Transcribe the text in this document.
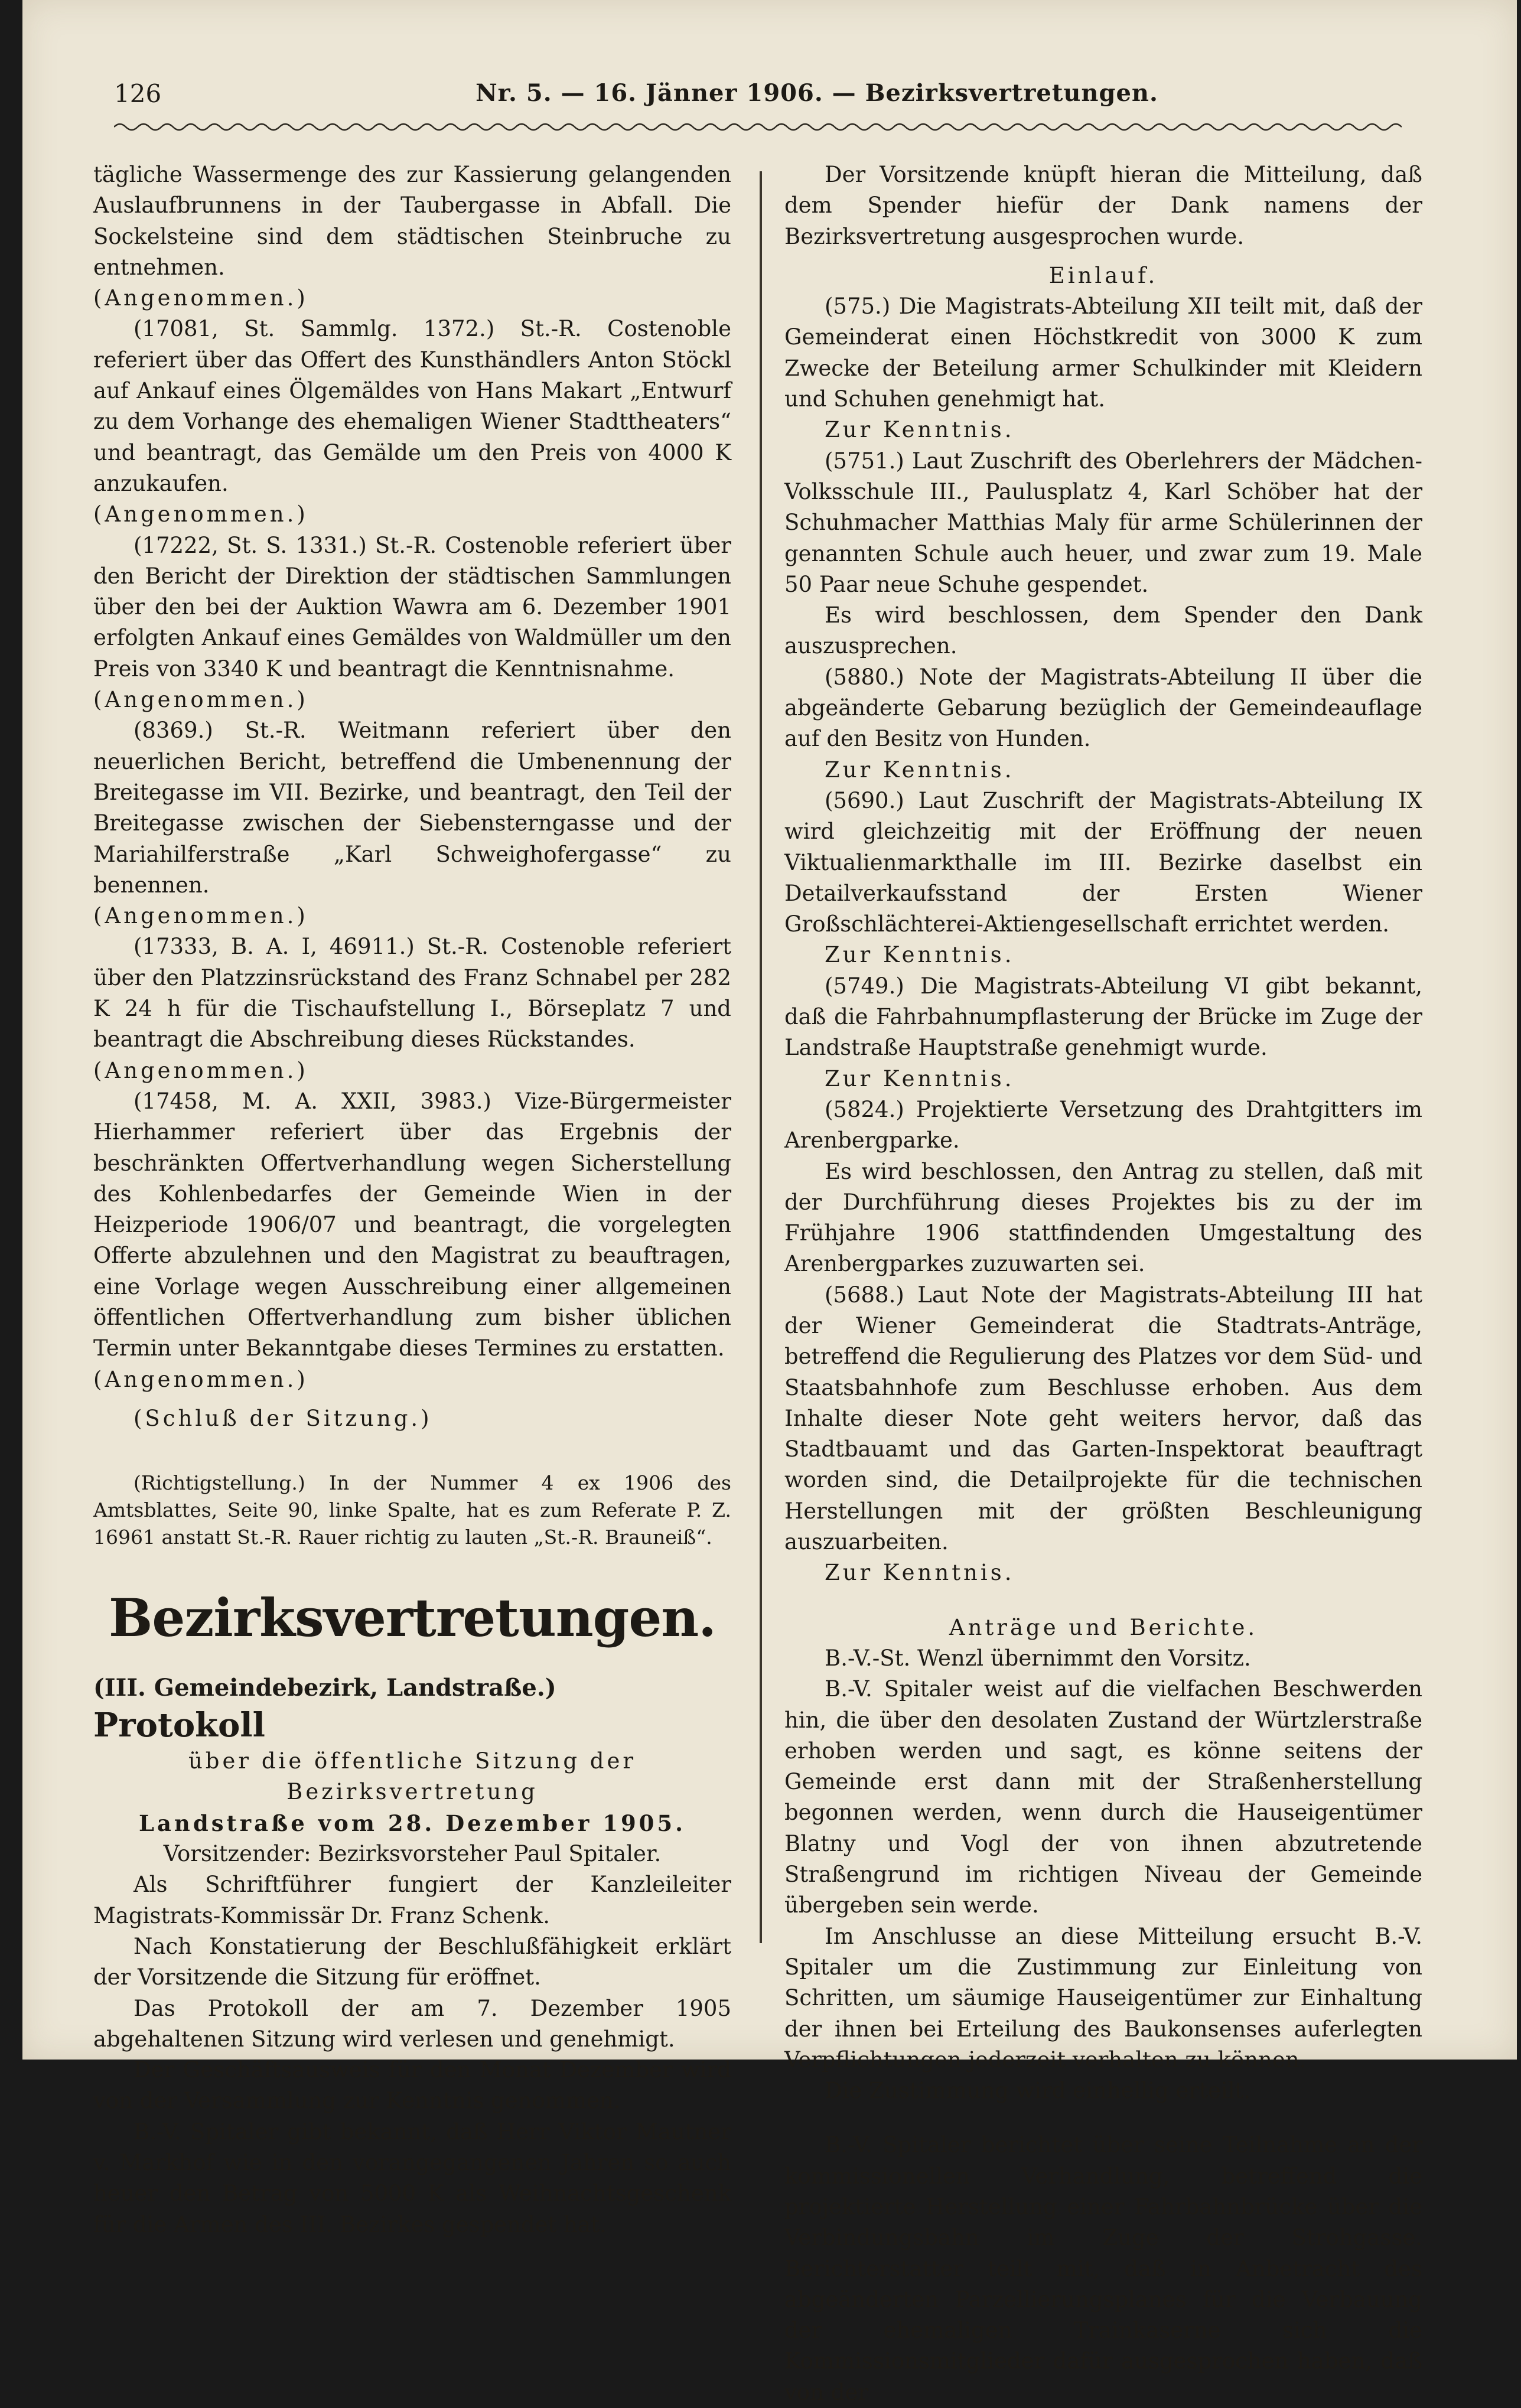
126	Nr. 5. — 16. Jänner 1906. — Bezirksvertretungen.

tägliche Wassermenge des zur Kassierung gelangenden Auslaufbrunnens in der Taubergasse in Abfall. Die Sockelsteine sind dem städtischen Steinbruche zu entnehmen.

(Angenommen.)

(17081, St. Sammlg. 1372.) St.-R. Costenoble referiert über das Offert des Kunsthändlers Anton Stöckl auf Ankauf eines Ölgemäldes von Hans Makart „Entwurf zu dem Vorhange des ehemaligen Wiener Stadttheaters“ und beantragt, das Gemälde um den Preis von 4000 K anzukaufen.

(Angenommen.)

(17222, St. S. 1331.) St.-R. Costenoble referiert über den Bericht der Direktion der städtischen Sammlungen über den bei der Auktion Wawra am 6. Dezember 1901 erfolgten Ankauf eines Gemäldes von Waldmüller um den Preis von 3340 K und beantragt die Kenntnisnahme.

(Angenommen.)

(8369.) St.-R. Weitmann referiert über den neuerlichen Bericht, betreffend die Umbenennung der Breitegasse im VII. Bezirke, und beantragt, den Teil der Breitegasse zwischen der Siebensterngasse und der Mariahilferstraße „Karl Schweighofergasse“ zu benennen.

(Angenommen.)

(17333, B. A. I, 46911.) St.-R. Costenoble referiert über den Platzzinsrückstand des Franz Schnabel per 282 K 24 h für die Tischaufstellung I., Börseplatz 7 und beantragt die Abschreibung dieses Rückstandes.

(Angenommen.)

(17458, M. A. XXII, 3983.) Vize-Bürgermeister Hierhammer referiert über das Ergebnis der beschränkten Offertverhandlung wegen Sicherstellung des Kohlenbedarfes der Gemeinde Wien in der Heizperiode 1906/07 und beantragt, die vorgelegten Offerte abzulehnen und den Magistrat zu beauftragen, eine Vorlage wegen Ausschreibung einer allgemeinen öffentlichen Offertverhandlung zum bisher üblichen Termin unter Bekanntgabe dieses Termines zu erstatten.

(Angenommen.)

(Schluß der Sitzung.)

(Richtigstellung.) In der Nummer 4 ex 1906 des Amtsblattes, Seite 90, linke Spalte, hat es zum Referate P. Z. 16961 anstatt St.-R. Rauer richtig zu lauten „St.-R. Brauneiß“.

Bezirksvertretungen.

(III. Gemeindebezirk, Landstraße.)

Protokoll

über die öffentliche Sitzung der Bezirksvertretung

Landstraße vom 28. Dezember 1905.

Vorsitzender: Bezirksvorsteher Paul Spitaler.

Als Schriftführer fungiert der Kanzleileiter Magistrats-Kommissär Dr. Franz Schenk.

Nach Konstatierung der Beschlußfähigkeit erklärt der Vorsitzende die Sitzung für eröffnet.

Das Protokoll der am 7. Dezember 1905 abgehaltenen Sitzung wird verlesen und genehmigt.

Der Geschäftsausweis für den Monat Dezember wird von der Versammlung zur Kenntnis genommen.

B.-V. Spitaler gibt bekannt, daß Herr Viktor Mautner v. Markhof wie in den vorangegangenen Jahren so auch heuer den Betrag von 5000 K als Weihnachtsgeschenk für die Armen des III. Bezirkes gespendet hat.

Der Vorsitzende knüpft hieran die Mitteilung, daß dem Spender hiefür der Dank namens der Bezirksvertretung ausgesprochen wurde.

Einlauf.

(575.) Die Magistrats-Abteilung XII teilt mit, daß der Gemeinderat einen Höchstkredit von 3000 K zum Zwecke der Beteilung armer Schulkinder mit Kleidern und Schuhen genehmigt hat.

Zur Kenntnis.

(5751.) Laut Zuschrift des Oberlehrers der Mädchen-Volksschule III., Paulusplatz 4, Karl Schöber hat der Schuhmacher Matthias Maly für arme Schülerinnen der genannten Schule auch heuer, und zwar zum 19. Male 50 Paar neue Schuhe gespendet.

Es wird beschlossen, dem Spender den Dank auszusprechen.

(5880.) Note der Magistrats-Abteilung II über die abgeänderte Gebarung bezüglich der Gemeindeauflage auf den Besitz von Hunden.

Zur Kenntnis.

(5690.) Laut Zuschrift der Magistrats-Abteilung IX wird gleichzeitig mit der Eröffnung der neuen Viktualienmarkthalle im III. Bezirke daselbst ein Detailverkaufsstand der Ersten Wiener Großschlächterei-Aktiengesellschaft errichtet werden.

Zur Kenntnis.

(5749.) Die Magistrats-Abteilung VI gibt bekannt, daß die Fahrbahnumpflasterung der Brücke im Zuge der Landstraße Hauptstraße genehmigt wurde.

Zur Kenntnis.

(5824.) Projektierte Versetzung des Drahtgitters im Arenbergparke.

Es wird beschlossen, den Antrag zu stellen, daß mit der Durchführung dieses Projektes bis zu der im Frühjahre 1906 stattfindenden Umgestaltung des Arenbergparkes zuzuwarten sei.

(5688.) Laut Note der Magistrats-Abteilung III hat der Wiener Gemeinderat die Stadtrats-Anträge, betreffend die Regulierung des Platzes vor dem Süd- und Staatsbahnhofe zum Beschlusse erhoben. Aus dem Inhalte dieser Note geht weiters hervor, daß das Stadtbauamt und das Garten-Inspektorat beauftragt worden sind, die Detailprojekte für die technischen Herstellungen mit der größten Beschleunigung auszuarbeiten.

Zur Kenntnis.

Anträge und Berichte.

B.-V.-St. Wenzl übernimmt den Vorsitz.

B.-V. Spitaler weist auf die vielfachen Beschwerden hin, die über den desolaten Zustand der Würtzlerstraße erhoben werden und sagt, es könne seitens der Gemeinde erst dann mit der Straßenherstellung begonnen werden, wenn durch die Hauseigentümer Blatny und Vogl der von ihnen abzutretende Straßengrund im richtigen Niveau der Gemeinde übergeben sein werde.

Im Anschlusse an diese Mitteilung ersucht B.-V. Spitaler um die Zustimmung zur Einleitung von Schritten, um säumige Hauseigentümer zur Einhaltung der ihnen bei Erteilung des Baukonsenses auferlegten Verpflichtungen jederzeit verhalten zu können.

Die Zustimmung wird einhellig erteilt.

B.-V. Spitaler berichtet über seine Teilnahme an der kommissionellen Verhandlung, betreffend die projektierte Herstellung einer Fahrbahnbrücke über die Verbindungsbahn im Zuge der Strohgasse. Berichterstatter teilt mit, daß in Anbetracht des abgeänderten Parzellierungsplanes für die Verbauung der ehemaligen Trainkaserne sich die Kommissionsmitglieder dafür ausgesprochen haben, daß von der
